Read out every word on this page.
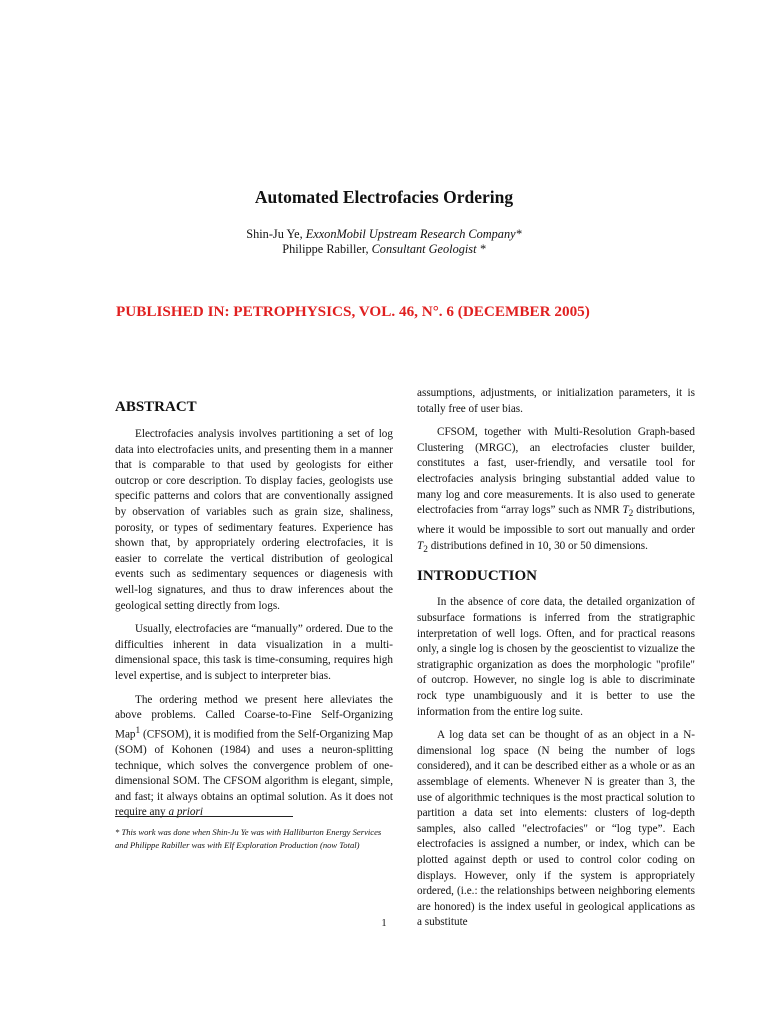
Automated Electrofacies Ordering
Shin-Ju Ye, ExxonMobil Upstream Research Company*
Philippe Rabiller, Consultant Geologist *
PUBLISHED IN: PETROPHYSICS, VOL. 46, N°. 6 (DECEMBER 2005)
ABSTRACT

Electrofacies analysis involves partitioning a set of log data into electrofacies units, and presenting them in a manner that is comparable to that used by geologists for either outcrop or core description. To display facies, geologists use specific patterns and colors that are conventionally assigned by observation of variables such as grain size, shaliness, porosity, or types of sedimentary features. Experience has shown that, by appropriately ordering electrofacies, it is easier to correlate the vertical distribution of geological events such as sedimentary sequences or diagenesis with well-log signatures, and thus to draw inferences about the geological setting directly from logs.

Usually, electrofacies are “manually” ordered. Due to the difficulties inherent in data visualization in a multi-dimensional space, this task is time-consuming, requires high level expertise, and is subject to interpreter bias.

The ordering method we present here alleviates the above problems. Called Coarse-to-Fine Self-Organizing Map$^1$ (CFSOM), it is modified from the Self-Organizing Map (SOM) of Kohonen (1984) and uses a neuron-splitting technique, which solves the convergence problem of one-dimensional SOM. The CFSOM algorithm is elegant, simple, and fast; it always obtains an optimal solution. As it does not require any a priori

* This work was done when Shin-Ju Ye was with Halliburton Energy Services and Philippe Rabiller was with Elf Exploration Production (now Total)

assumptions, adjustments, or initialization parameters, it is totally free of user bias.

CFSOM, together with Multi-Resolution Graph-based Clustering (MRGC), an electrofacies cluster builder, constitutes a fast, user-friendly, and versatile tool for electrofacies analysis bringing substantial added value to many log and core measurements. It is also used to generate electrofacies from “array logs” such as NMR $T_2$ distributions, where it would be impossible to sort out manually and order $T_2$ distributions defined in 10, 30 or 50 dimensions.

INTRODUCTION

In the absence of core data, the detailed organization of subsurface formations is inferred from the stratigraphic interpretation of well logs. Often, and for practical reasons only, a single log is chosen by the geoscientist to vizualize the stratigraphic organization as does the morphologic "profile" of outcrop. However, no single log is able to discriminate rock type unambiguously and it is better to use the information from the entire log suite.

A log data set can be thought of as an object in a N-dimensional log space (N being the number of logs considered), and it can be described either as a whole or as an assemblage of elements. Whenever N is greater than 3, the use of algorithmic techniques is the most practical solution to partition a data set into elements: clusters of log-depth samples, also called "electrofacies" or “log type”. Each electrofacies is assigned a number, or index, which can be plotted against depth or used to control color coding on displays. However, only if the system is appropriately ordered, (i.e.: the relationships between neighboring elements are honored) is the index useful in geological applications as a substitute

1
